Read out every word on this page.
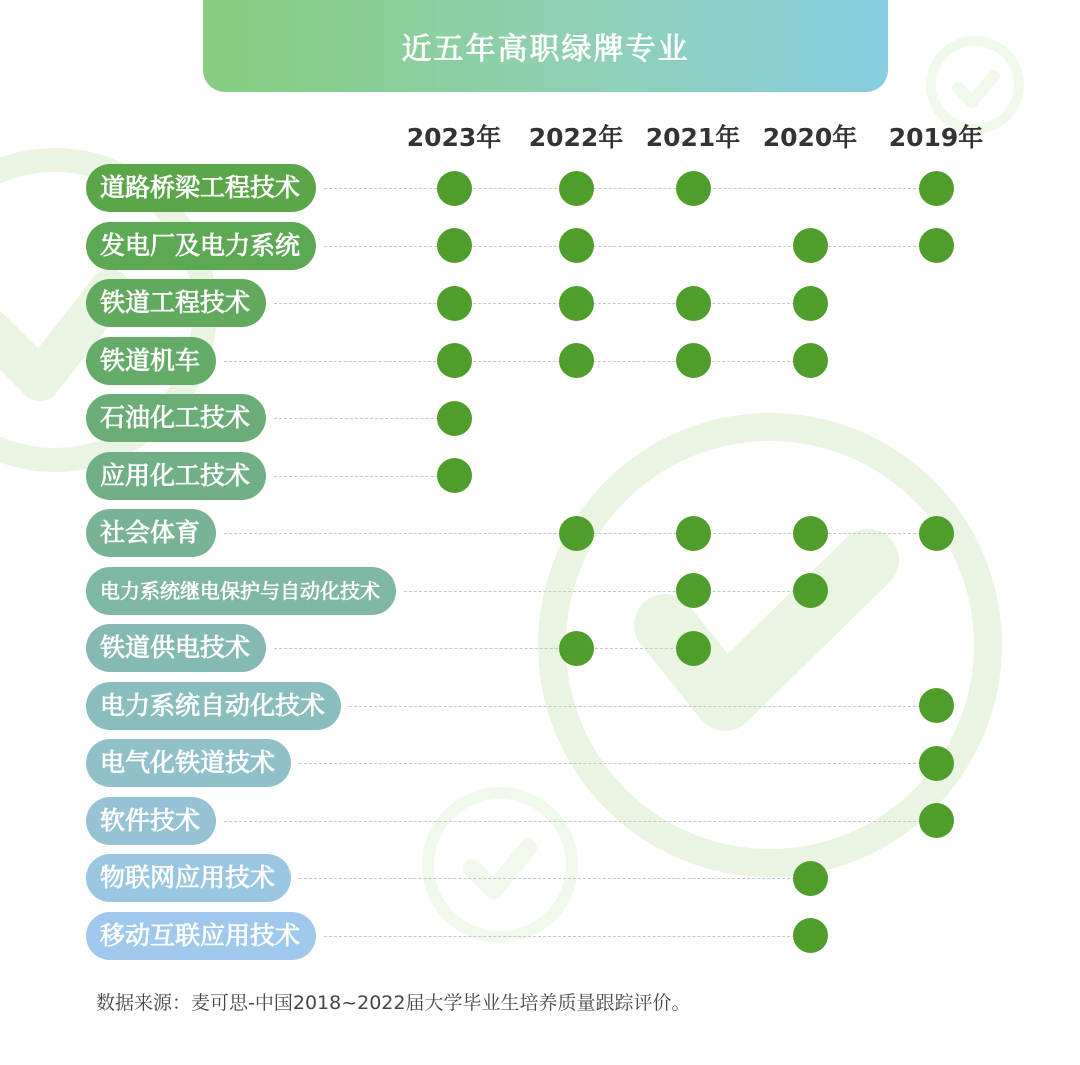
近五年高职绿牌专业
2023年	2022年 2021年 2020年	2019年
道路桥梁工程技术
发电厂及电力系统
铁道工程技术
铁道机车
石油化工技术
应用化工技术
社会体育
电力系统继电保护与自动化技术
铁道供电技术
电力系统自动化技术
电气化铁道技术
软件技术
物联网应用技术
移动互联应用技术
数据来源：麦可思-中国2018~2022届大学毕业生培养质量跟踪评价。
